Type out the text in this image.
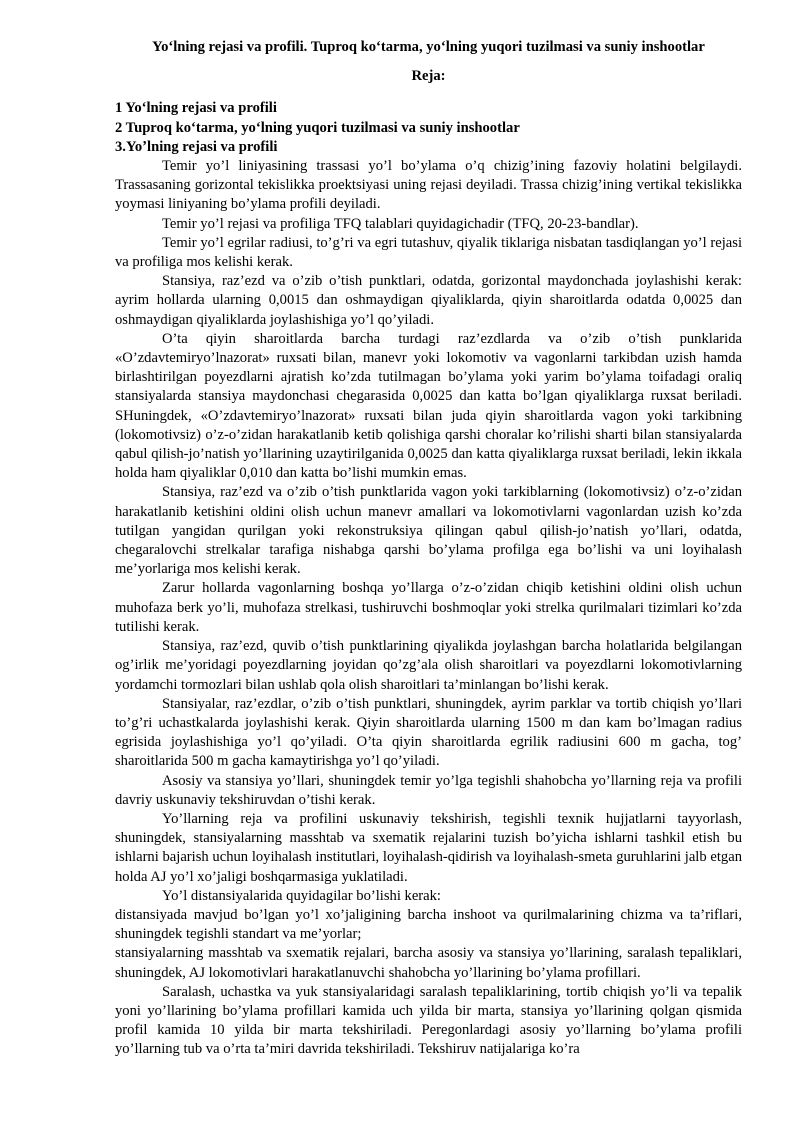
Yoʻlning rejasi va profili. Tuproq koʻtarma, yoʻlning yuqori tuzilmasi va suniy inshootlar
Reja:
1 Yoʻlning rejasi va profili
2 Tuproq koʻtarma, yoʻlning yuqori tuzilmasi va suniy inshootlar
3.Yoʼlning rejasi va profili

Temir yo’l liniyasining trassasi yo’l bo’ylama o’q chizig’ining fazoviy holatini belgilaydi. Trassasaning gorizontal tekislikka proektsiyasi uning rejasi deyiladi. Trassa chizig’ining vertikal tekislikka yoymasi liniyaning bo’ylama profili deyiladi.

Temir yo’l rejasi va profiliga TFQ talablari quyidagichadir (TFQ, 20-23-bandlar).

Temir yo’l egrilar radiusi, to’g’ri va egri tutashuv, qiyalik tiklariga nisbatan tasdiqlangan yo’l rejasi va profiliga mos kelishi kerak.

Stansiya, raz’ezd va o’zib o’tish punktlari, odatda, gorizontal maydonchada joylashishi kerak: ayrim hollarda ularning 0,0015 dan oshmaydigan qiyaliklarda, qiyin sharoitlarda odatda 0,0025 dan oshmaydigan qiyaliklarda joylashishiga yo’l qo’yiladi.

O’ta qiyin sharoitlarda barcha turdagi raz’ezdlarda va o’zib o’tish punklarida «O’zdavtemiryo’lnazorat» ruxsati bilan, manevr yoki lokomotiv va vagonlarni tarkibdan uzish hamda birlashtirilgan poyezdlarni ajratish ko’zda tutilmagan bo’ylama yoki yarim bo’ylama toifadagi oraliq stansiyalarda stansiya maydonchasi chegarasida 0,0025 dan katta bo’lgan qiyaliklarga ruxsat beriladi. SHuningdek, «O’zdavtemiryo’lnazorat» ruxsati bilan juda qiyin sharoitlarda vagon yoki tarkibning (lokomotivsiz) o’z-o’zidan harakatlanib ketib qolishiga qarshi choralar ko’rilishi sharti bilan stansiyalarda qabul qilish-jo’natish yo’llarining uzaytirilganida 0,0025 dan katta qiyaliklarga ruxsat beriladi, lekin ikkala holda ham qiyaliklar 0,010 dan katta bo’lishi mumkin emas.

Stansiya, raz’ezd va o’zib o’tish punktlarida vagon yoki tarkiblarning (lokomotivsiz) o’z-o’zidan harakatlanib ketishini oldini olish uchun manevr amallari va lokomotivlarni vagonlardan uzish ko’zda tutilgan yangidan qurilgan yoki rekonstruksiya qilingan qabul qilish-jo’natish yo’llari, odatda, chegaralovchi strelkalar tarafiga nishabga qarshi bo’ylama profilga ega bo’lishi va uni loyihalash me’yorlariga mos kelishi kerak.

Zarur hollarda vagonlarning boshqa yo’llarga o’z-o’zidan chiqib ketishini oldini olish uchun muhofaza berk yo’li, muhofaza strelkasi, tushiruvchi boshmoqlar yoki strelka qurilmalari tizimlari ko’zda tutilishi kerak.

Stansiya, raz’ezd, quvib o’tish punktlarining qiyalikda joylashgan barcha holatlarida belgilangan og’irlik me’yoridagi poyezdlarning joyidan qo’zg’ala olish sharoitlari va poyezdlarni lokomotivlarning yordamchi tormozlari bilan ushlab qola olish sharoitlari ta’minlangan bo’lishi kerak.

Stansiyalar, raz’ezdlar, o’zib o’tish punktlari, shuningdek, ayrim parklar va tortib chiqish yo’llari to’g’ri uchastkalarda joylashishi kerak. Qiyin sharoitlarda ularning 1500 m dan kam bo’lmagan radius egrisida joylashishiga yo’l qo’yiladi. O’ta qiyin sharoitlarda egrilik radiusini 600 m gacha, tog’ sharoitlarida 500 m gacha kamaytirishga yo’l qo’yiladi.

Asosiy va stansiya yo’llari, shuningdek temir yo’lga tegishli shahobcha yo’llarning reja va profili davriy uskunaviy tekshiruvdan o’tishi kerak.

Yo’llarning reja va profilini uskunaviy tekshirish, tegishli texnik hujjatlarni tayyorlash, shuningdek, stansiyalarning masshtab va sxematik rejalarini tuzish bo’yicha ishlarni tashkil etish bu ishlarni bajarish uchun loyihalash institutlari, loyihalash-qidirish va loyihalash-smeta guruhlarini jalb etgan holda AJ yo’l xo’jaligi boshqarmasiga yuklatiladi.

Yo’l distansiyalarida quyidagilar bo’lishi kerak:

distansiyada mavjud bo’lgan yo’l xo’jaligining barcha inshoot va qurilmalarining chizma va ta’riflari, shuningdek tegishli standart va me’yorlar;

stansiyalarning masshtab va sxematik rejalari, barcha asosiy va stansiya yo’llarining, saralash tepaliklari, shuningdek, AJ lokomotivlari harakatlanuvchi shahobcha yo’llarining bo’ylama profillari.

Saralash, uchastka va yuk stansiyalaridagi saralash tepaliklarining, tortib chiqish yo’li va tepalik yoni yo’llarining bo’ylama profillari kamida uch yilda bir marta, stansiya yo’llarining qolgan qismida profil kamida 10 yilda bir marta tekshiriladi. Peregonlardagi asosiy yo’llarning bo’ylama profili yo’llarning tub va o’rta ta’miri davrida tekshiriladi. Tekshiruv natijalariga ko’ra
